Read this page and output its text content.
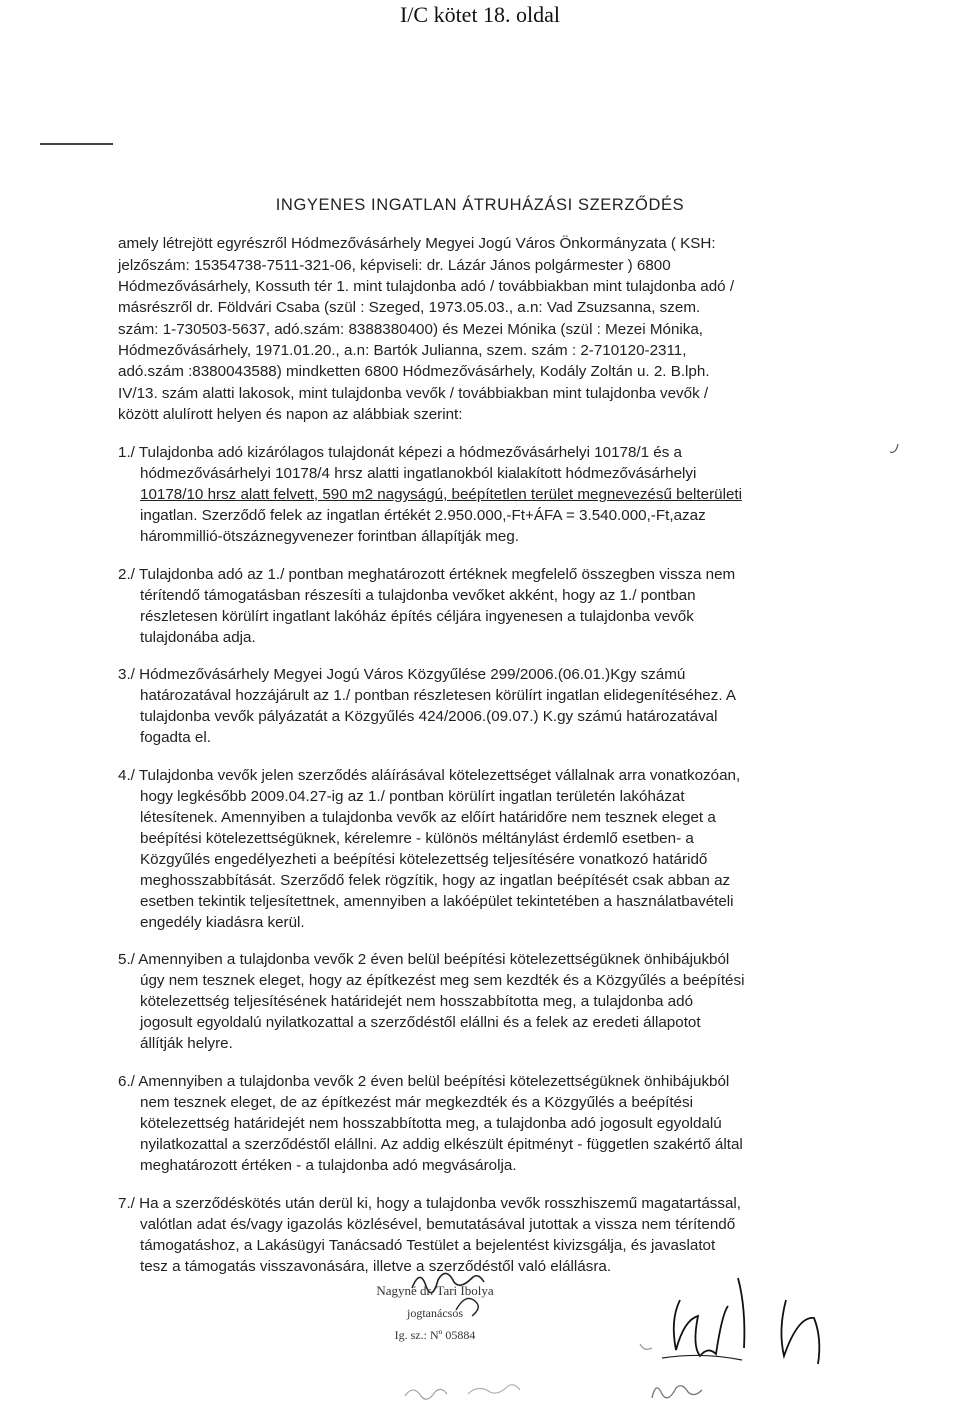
I/C kötet 18. oldal
INGYENES INGATLAN ÁTRUHÁZÁSI SZERZŐDÉS
amely létrejött egyrészről Hódmezővásárhely Megyei Jogú Város Önkormányzata ( KSH:
jelzőszám: 15354738-7511-321-06, képviseli: dr. Lázár János polgármester ) 6800
Hódmezővásárhely, Kossuth tér 1. mint tulajdonba adó / továbbiakban mint tulajdonba adó /
másrészről dr. Földvári Csaba (szül : Szeged, 1973.05.03., a.n: Vad Zsuzsanna, szem.
szám: 1-730503-5637, adó.szám: 8388380400) és Mezei Mónika (szül : Mezei Mónika,
Hódmezővásárhely, 1971.01.20., a.n: Bartók Julianna, szem. szám : 2-710120-2311,
adó.szám :8380043588) mindketten 6800 Hódmezővásárhely, Kodály Zoltán u. 2. B.lph.
IV/13. szám alatti lakosok, mint tulajdonba vevők / továbbiakban mint tulajdonba vevők /
között alulírott helyen és napon az alábbiak szerint:
1./ Tulajdonba adó kizárólagos tulajdonát képezi a hódmezővásárhelyi 10178/1 és a
hódmezővásárhelyi 10178/4 hrsz alatti ingatlanokból kialakított hódmezővásárhelyi
10178/10 hrsz alatt felvett, 590 m2 nagyságú, beépítetlen terület megnevezésű belterületi
ingatlan. Szerződő felek az ingatlan értékét 2.950.000,-Ft+ÁFA = 3.540.000,-Ft,azaz
hárommillió-ötszáznegyvenezer forintban állapítják meg.
2./ Tulajdonba adó az 1./ pontban meghatározott értéknek megfelelő összegben vissza nem
térítendő támogatásban részesíti a tulajdonba vevőket akként, hogy az 1./ pontban
részletesen körülírt ingatlant lakóház építés céljára ingyenesen a tulajdonba vevők
tulajdonába adja.
3./ Hódmezővásárhely Megyei Jogú Város Közgyűlése 299/2006.(06.01.)Kgy számú
határozatával hozzájárult az 1./ pontban részletesen körülírt ingatlan elidegenítéséhez. A
tulajdonba vevők pályázatát a Közgyűlés 424/2006.(09.07.) K.gy számú határozatával
fogadta el.
4./ Tulajdonba vevők jelen szerződés aláírásával kötelezettséget vállalnak arra vonatkozóan,
hogy legkésőbb 2009.04.27-ig az 1./ pontban körülírt ingatlan területén lakóházat
létesítenek. Amennyiben a tulajdonba vevők az előírt határidőre nem tesznek eleget a
beépítési kötelezettségüknek, kérelemre - különös méltánylást érdemlő esetben- a
Közgyűlés engedélyezheti a beépítési kötelezettség teljesítésére vonatkozó határidő
meghosszabbítását. Szerződő felek rögzítik, hogy az ingatlan beépítését csak abban az
esetben tekintik teljesítettnek, amennyiben a lakóépület tekintetében a használatbavételi
engedély kiadásra kerül.
5./ Amennyiben a tulajdonba vevők 2 éven belül beépítési kötelezettségüknek önhibájukból
úgy nem tesznek eleget, hogy az építkezést meg sem kezdték és a Közgyűlés a beépítési
kötelezettség teljesítésének határidejét nem hosszabbította meg, a tulajdonba adó
jogosult egyoldalú nyilatkozattal a szerződéstől elállni és a felek az eredeti állapotot
állítják helyre.
6./ Amennyiben a tulajdonba vevők 2 éven belül beépítési kötelezettségüknek önhibájukból
nem tesznek eleget, de az építkezést már megkezdték és a Közgyűlés a beépítési
kötelezettség határidejét nem hosszabbította meg, a tulajdonba adó jogosult egyoldalú
nyilatkozattal a szerződéstől elállni. Az addig elkészült épitményt - független szakértő által
meghatározott értéken - a tulajdonba adó megvásárolja.
7./ Ha a szerződéskötés után derül ki, hogy a tulajdonba vevők rosszhiszemű magatartással,
valótlan adat és/vagy igazolás közlésével, bemutatásával jutottak a vissza nem térítendő
támogatáshoz, a Lakásügyi Tanácsadó Testület a bejelentést kivizsgálja, és javaslatot
tesz a támogatás visszavonására, illetve a szerződéstől való elállásra.
Nagyné dr. Tari Ibolya
jogtanácsos
Ig. sz.: Nº 05884
